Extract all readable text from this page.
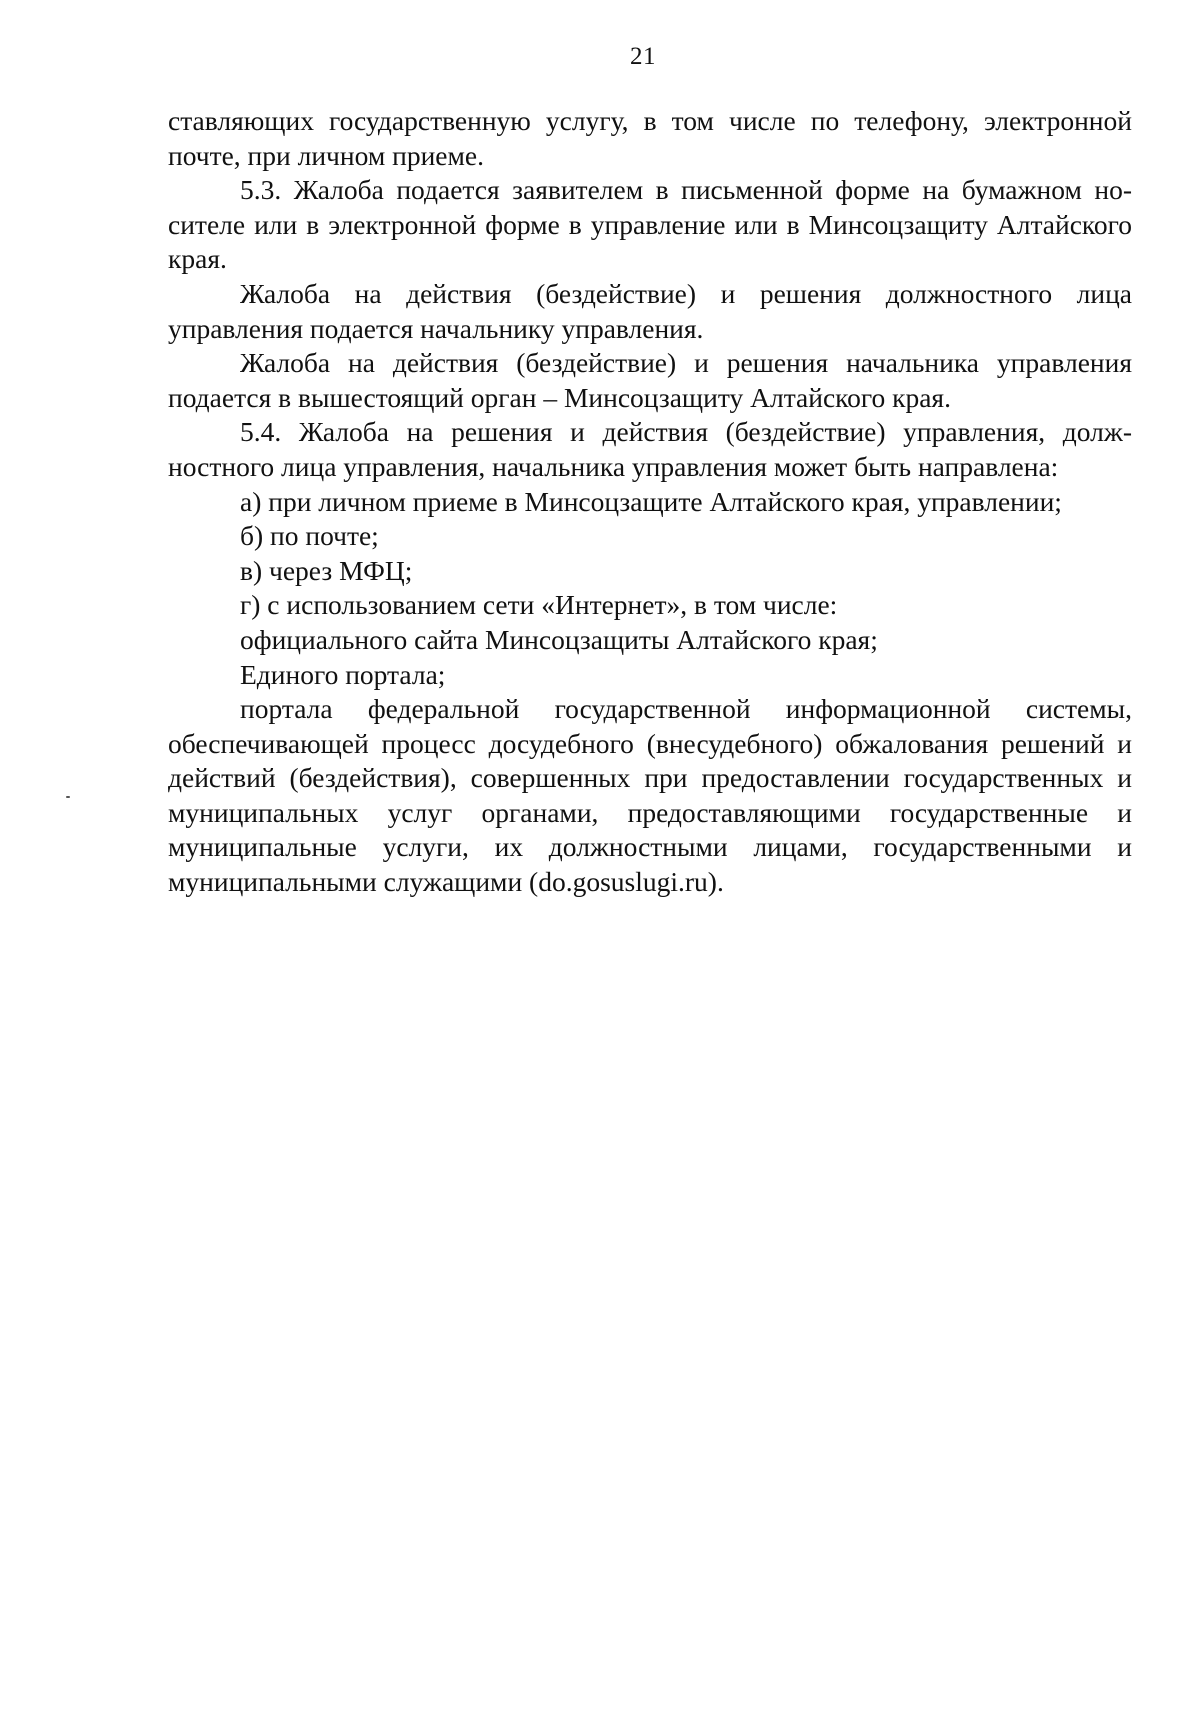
21

ставляющих государственную услугу, в том числе по телефону, электронной почте, при личном приеме.

5.3. Жалоба подается заявителем в письменной форме на бумажном носителе или в электронной форме в управление или в Минсоцзащиту Алтайского края.

Жалоба на действия (бездействие) и решения должностного лица управления подается начальнику управления.

Жалоба на действия (бездействие) и решения начальника управления подается в вышестоящий орган – Минсоцзащиту Алтайского края.

5.4. Жалоба на решения и действия (бездействие) управления, должностного лица управления, начальника управления может быть направлена:

а) при личном приеме в Минсоцзащите Алтайского края, управлении;

б) по почте;

в) через МФЦ;

г) с использованием сети «Интернет», в том числе:

официального сайта Минсоцзащиты Алтайского края;

Единого портала;

портала федеральной государственной информационной системы, обеспечивающей процесс досудебного (внесудебного) обжалования решений и действий (бездействия), совершенных при предоставлении государственных и муниципальных услуг органами, предоставляющими государственные и муниципальные услуги, их должностными лицами, государственными и муниципальными служащими (do.gosuslugi.ru).
